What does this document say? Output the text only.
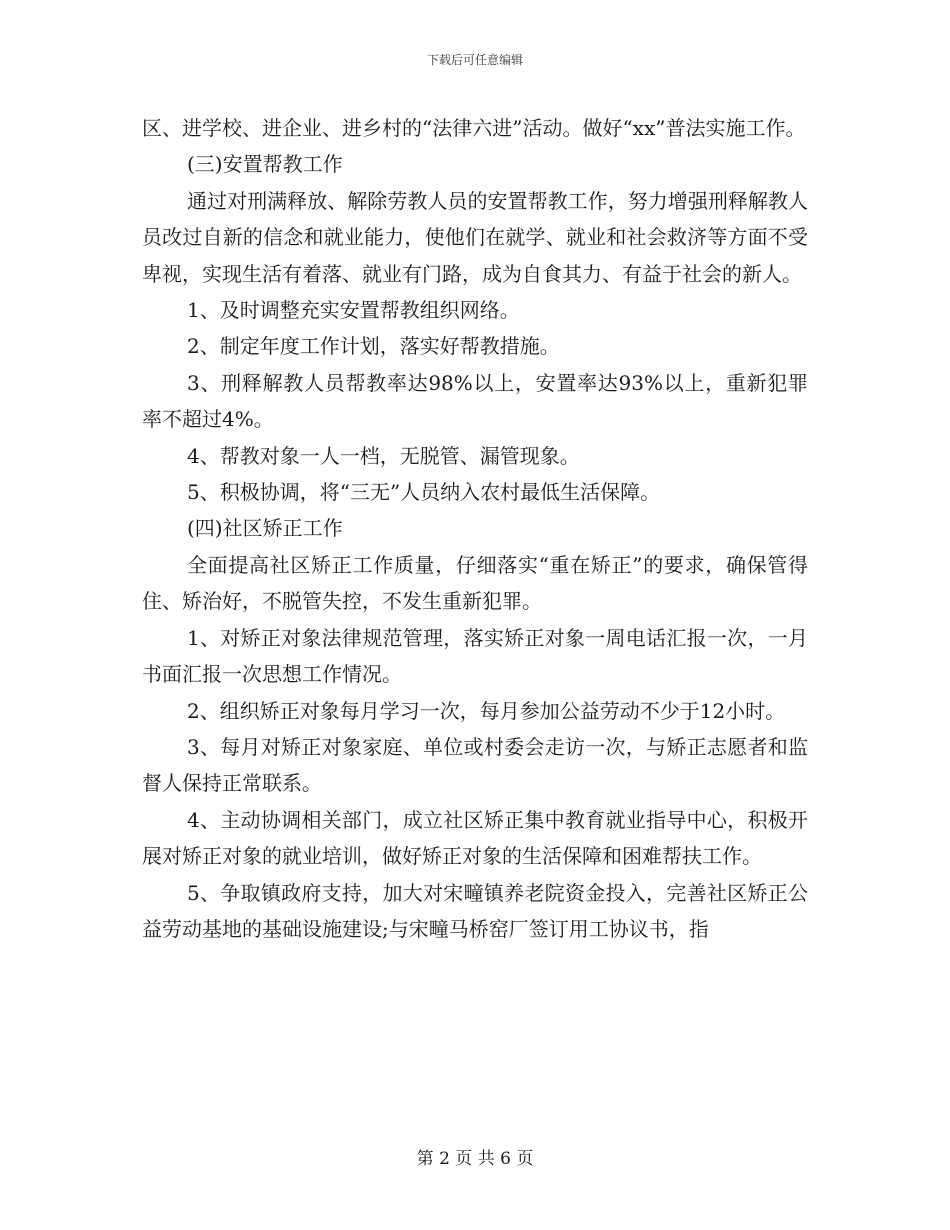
下载后可任意编辑

区、进学校、进企业、进乡村的“法律六进”活动。做好“xx”普法实施工作。

(三)安置帮教工作

通过对刑满释放、解除劳教人员的安置帮教工作，努力增强刑释解教人员改过自新的信念和就业能力，使他们在就学、就业和社会救济等方面不受卑视，实现生活有着落、就业有门路，成为自食其力、有益于社会的新人。

1、及时调整充实安置帮教组织网络。

2、制定年度工作计划，落实好帮教措施。

3、刑释解教人员帮教率达98%以上，安置率达93%以上，重新犯罪率不超过4%。

4、帮教对象一人一档，无脱管、漏管现象。

5、积极协调，将“三无”人员纳入农村最低生活保障。

(四)社区矫正工作

全面提高社区矫正工作质量，仔细落实“重在矫正”的要求，确保管得住、矫治好，不脱管失控，不发生重新犯罪。

1、对矫正对象法律规范管理，落实矫正对象一周电话汇报一次，一月书面汇报一次思想工作情况。

2、组织矫正对象每月学习一次，每月参加公益劳动不少于12小时。

3、每月对矫正对象家庭、单位或村委会走访一次，与矫正志愿者和监督人保持正常联系。

4、主动协调相关部门，成立社区矫正集中教育就业指导中心，积极开展对矫正对象的就业培训，做好矫正对象的生活保障和困难帮扶工作。

5、争取镇政府支持，加大对宋疃镇养老院资金投入，完善社区矫正公益劳动基地的基础设施建设;与宋疃马桥窑厂签订用工协议书，指

第 2 页 共 6 页
